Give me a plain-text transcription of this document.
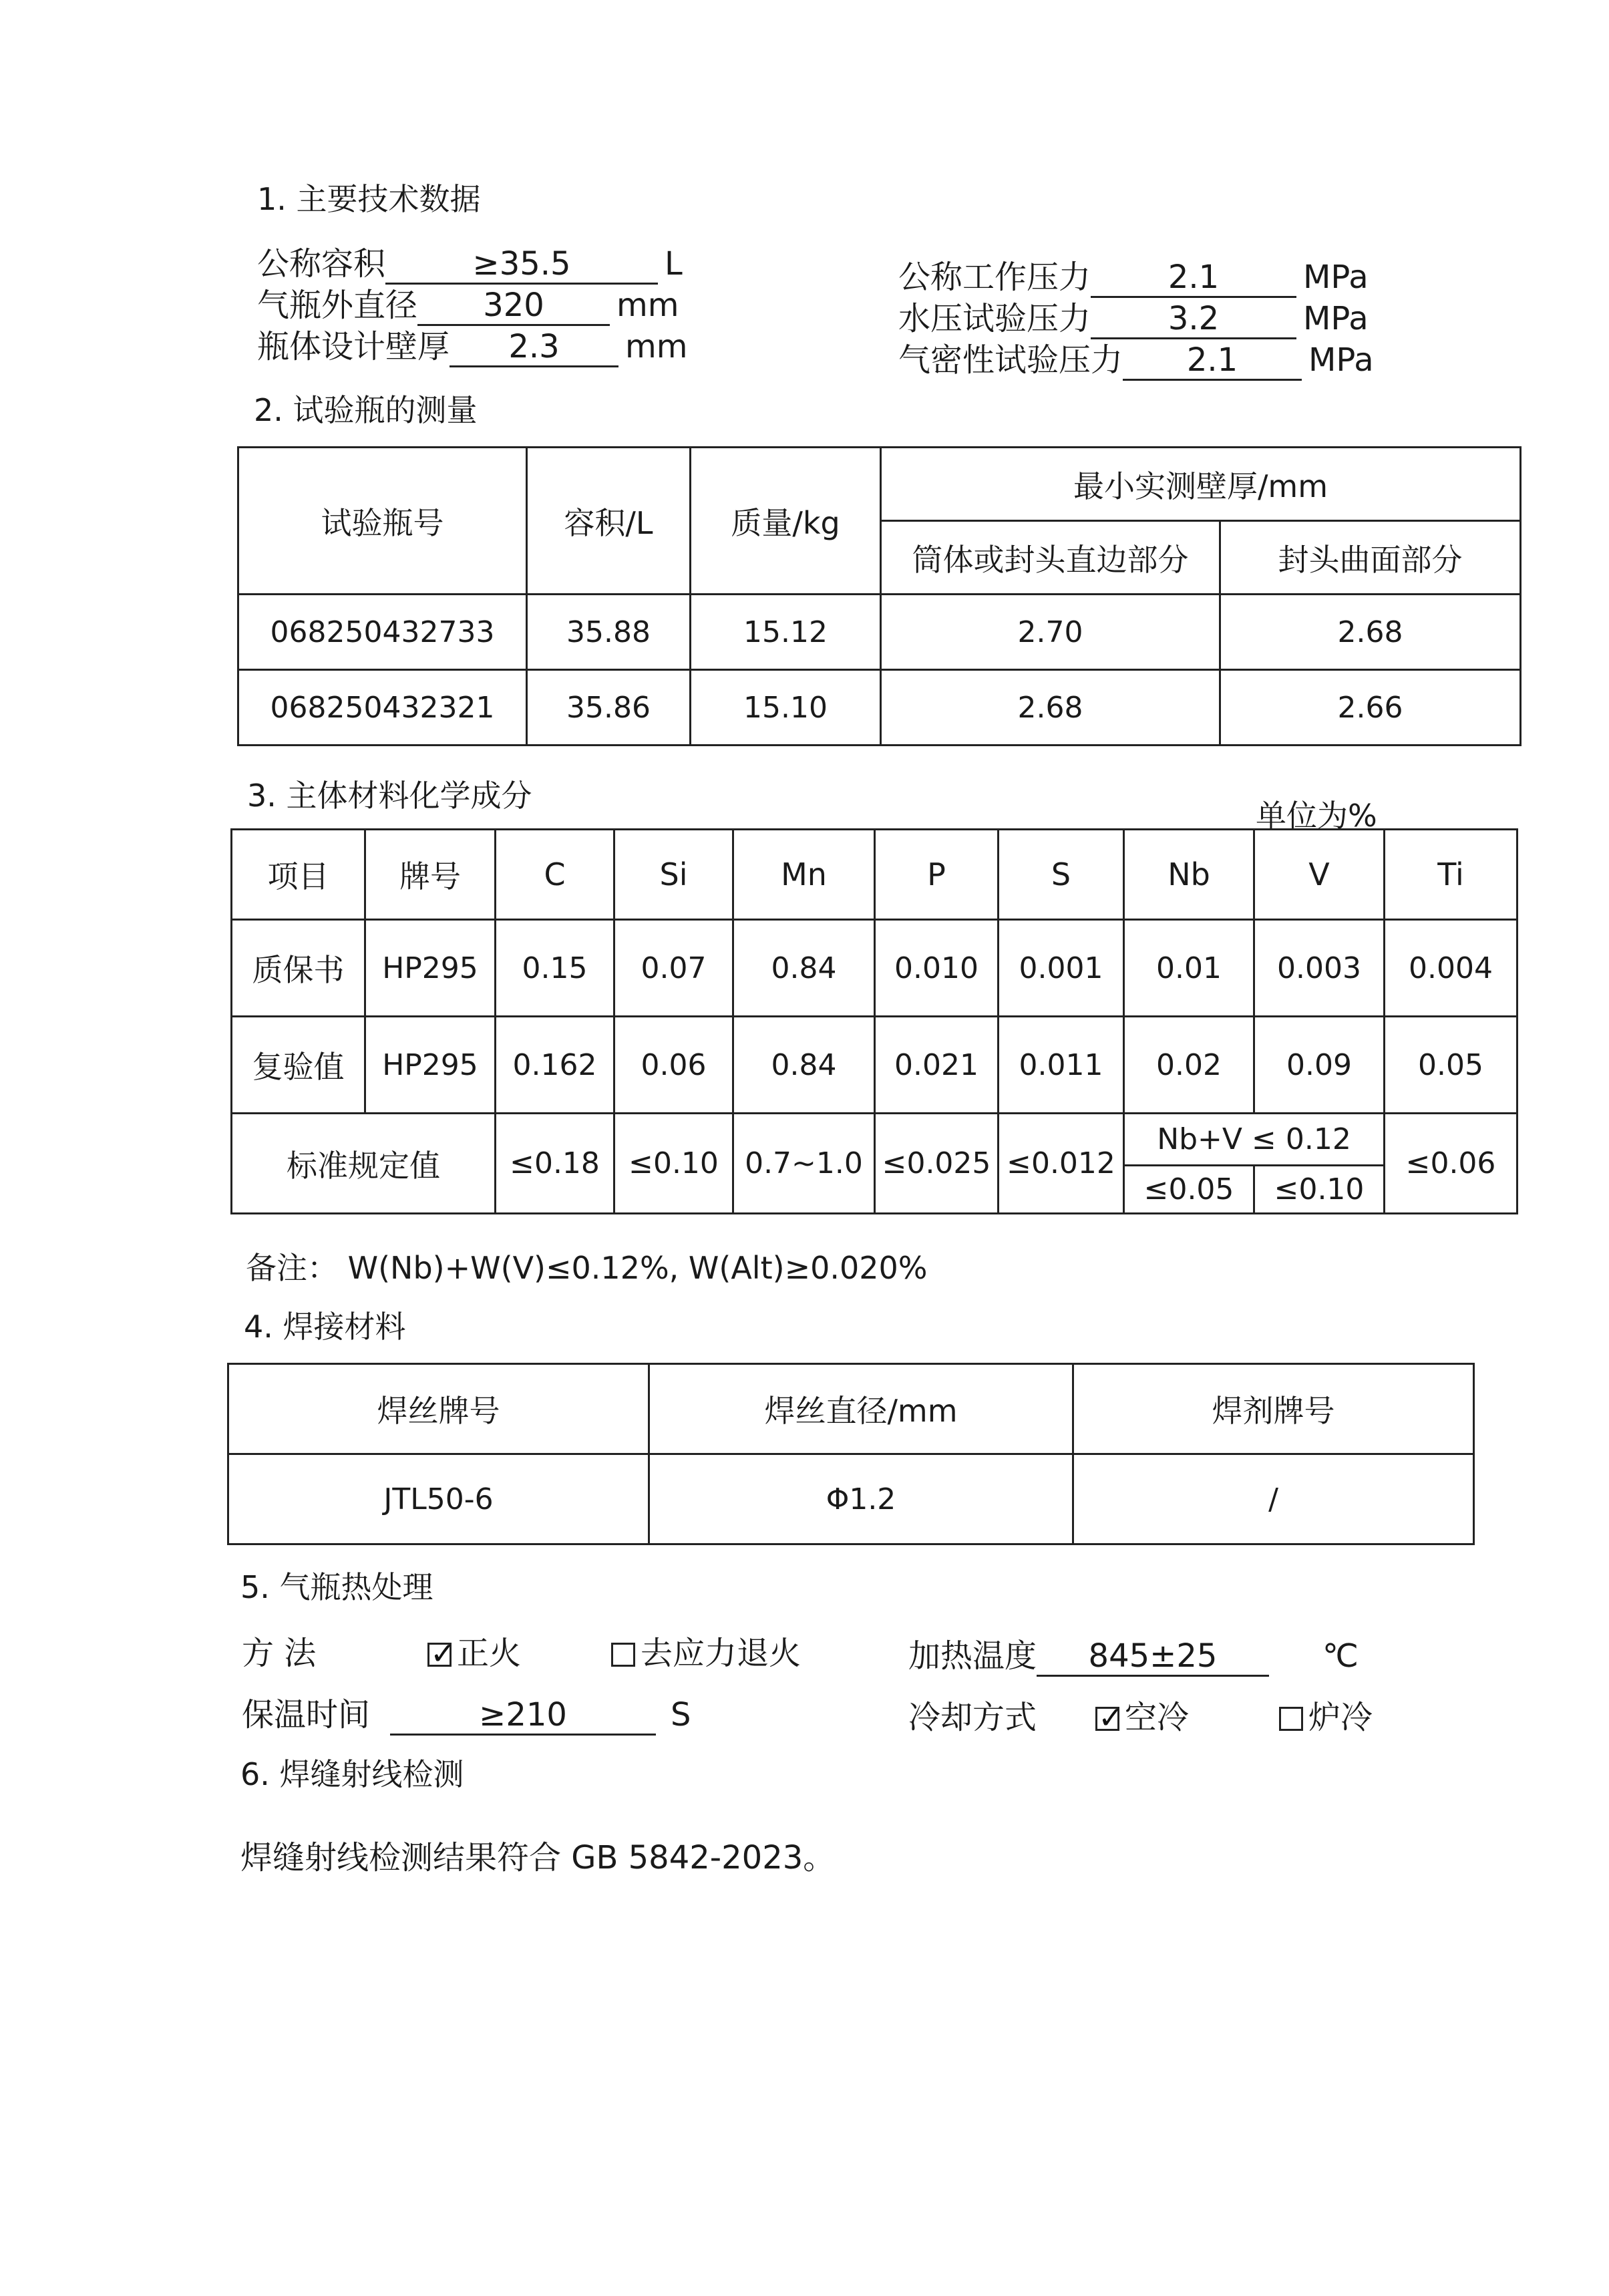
1. 主要技术数据
公称容积	≥35.5	L
气瓶外直径 320 mm
瓶体设计壁厚 2.3 mm
公称工作压力 2.1	MPa
水压试验压力 3.2	MPa
气密性试验压力 2.1 MPa
2. 试验瓶的测量
试验瓶号	容积/L	质量/kg	最小实测壁厚/mm	
			筒体或封头直边部分	封头曲面部分
068250432733	35.88	15.12	2.70	2.68
068250432321	35.86	15.10	2.68	2.66
3. 主体材料化学成分
单位为%
项目	牌号	C	Si	Mn	P	S	Nb	V	Ti
质保书	HP295	0.15	0.07	0.84	0.010	0.001	0.01	0.003	0.004
复验值	HP295	0.162	0.06	0.84	0.021	0.011	0.02	0.09	0.05
标准规定值		≤0.18	≤0.10	0.7~1.0	≤0.025	≤0.012	Nb+V ≤ 0.12		≤0.06
							≤0.05	≤0.10	
备注： W(Nb)+W(V)≤0.12%, W(Alt)≥0.020%
4. 焊接材料
焊丝牌号	焊丝直径/mm	焊剂牌号
JTL50-6	Φ1.2	/
5. 气瓶热处理
方 法 ✓	正火	去应力退火	加热温度 845±25	℃
保温时间	≥210	S	冷却方式 ✓	空冷	炉冷
6. 焊缝射线检测
焊缝射线检测结果符合 GB 5842-2023。
